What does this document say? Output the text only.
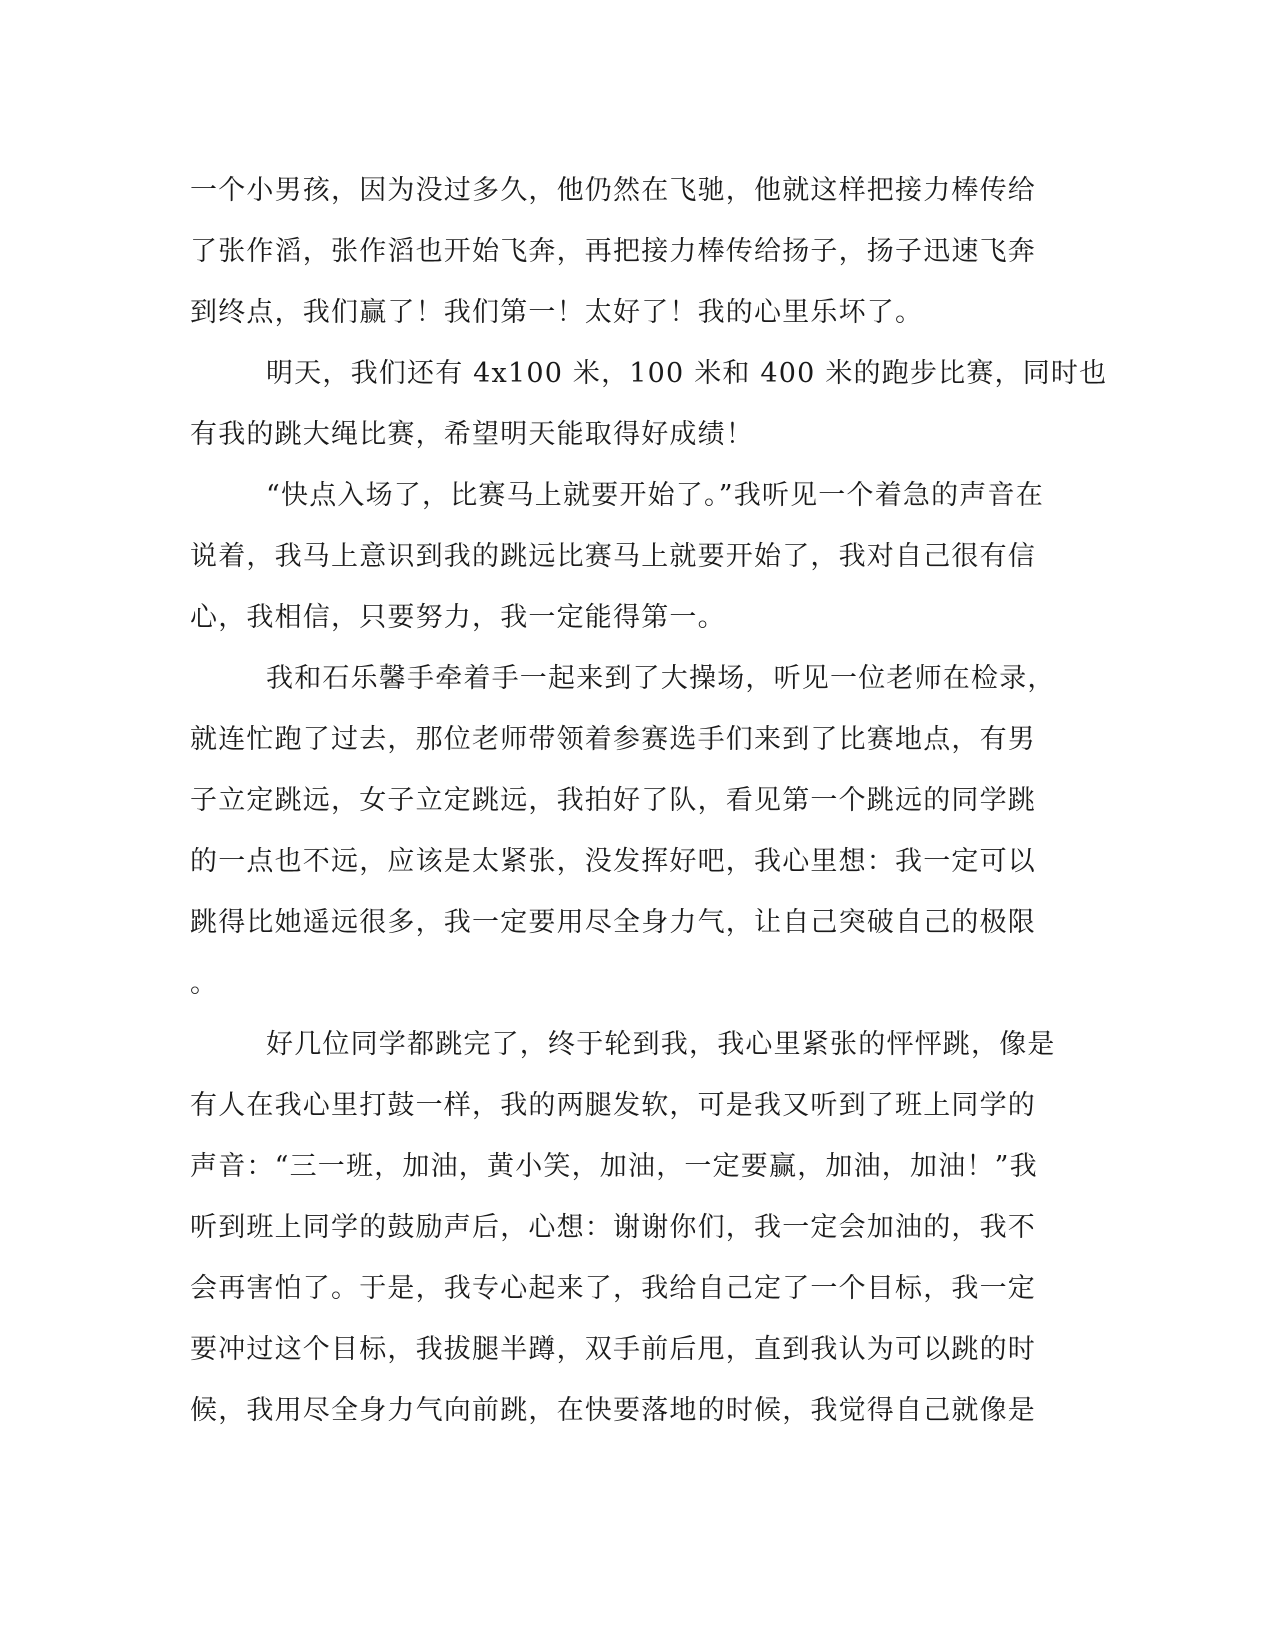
一个小男孩，因为没过多久，他仍然在飞驰，他就这样把接力棒传给
了张作滔，张作滔也开始飞奔，再把接力棒传给扬子，扬子迅速飞奔
到终点，我们赢了！我们第一！太好了！我的心里乐坏了。
明天，我们还有 4x100 米，100 米和 400 米的跑步比赛，同时也
有我的跳大绳比赛，希望明天能取得好成绩！
“快点入场了，比赛马上就要开始了。”我听见一个着急的声音在
说着，我马上意识到我的跳远比赛马上就要开始了，我对自己很有信
心，我相信，只要努力，我一定能得第一。
我和石乐馨手牵着手一起来到了大操场，听见一位老师在检录，
就连忙跑了过去，那位老师带领着参赛选手们来到了比赛地点，有男
子立定跳远，女子立定跳远，我拍好了队，看见第一个跳远的同学跳
的一点也不远，应该是太紧张，没发挥好吧，我心里想：我一定可以
跳得比她遥远很多，我一定要用尽全身力气，让自己突破自己的极限
。
好几位同学都跳完了，终于轮到我，我心里紧张的怦怦跳，像是
有人在我心里打鼓一样，我的两腿发软，可是我又听到了班上同学的
声音：“三一班，加油，黄小笑，加油，一定要赢，加油，加油！”我
听到班上同学的鼓励声后，心想：谢谢你们，我一定会加油的，我不
会再害怕了。于是，我专心起来了，我给自己定了一个目标，我一定
要冲过这个目标，我拔腿半蹲，双手前后甩，直到我认为可以跳的时
候，我用尽全身力气向前跳，在快要落地的时候，我觉得自己就像是
